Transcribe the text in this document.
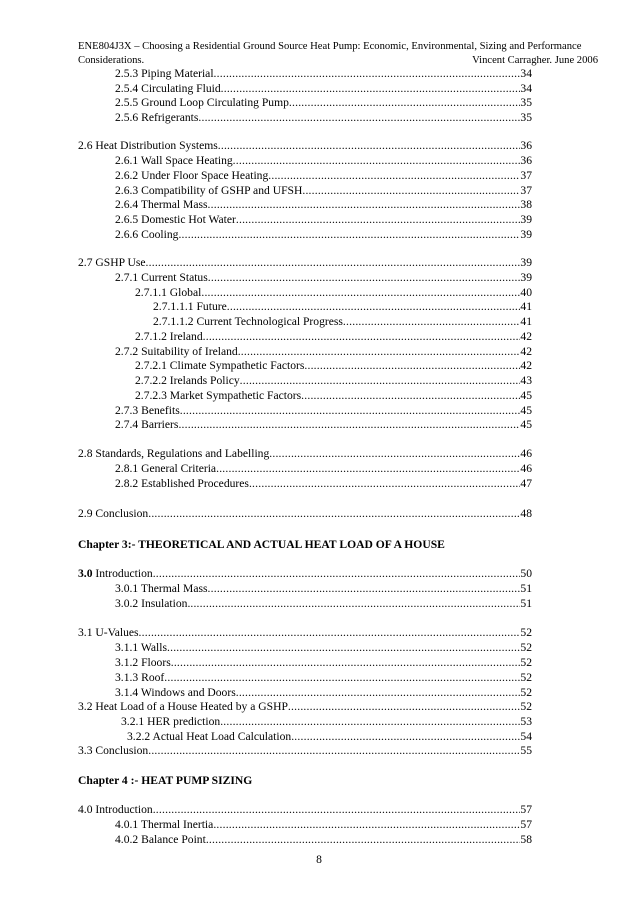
ENE804J3X – Choosing a Residential Ground Source Heat Pump: Economic, Environmental, Sizing and Performance
Considerations.	Vincent Carragher. June 2006
2.5.3 Piping Material .....	34
2.5.4 Circulating Fluid .....	34
2.5.5 Ground Loop Circulating Pump .....	35
2.5.6 Refrigerants .....	35
2.6 Heat Distribution Systems .....	36
2.6.1 Wall Space Heating .....	36
2.6.2 Under Floor Space Heating .....	37
2.6.3 Compatibility of GSHP and UFSH .....	37
2.6.4 Thermal Mass .....	38
2.6.5 Domestic Hot Water .....	39
2.6.6 Cooling .....	39
2.7 GSHP Use .....	39
2.7.1 Current Status .....	39
2.7.1.1 Global .....	40
2.7.1.1.1 Future .....	41
2.7.1.1.2 Current Technological Progress .....	41
2.7.1.2 Ireland .....	42
2.7.2 Suitability of Ireland .....	42
2.7.2.1 Climate Sympathetic Factors .....	42
2.7.2.2 Irelands Policy .....	43
2.7.2.3 Market Sympathetic Factors .....	45
2.7.3 Benefits .....	45
2.7.4 Barriers .....	45
2.8 Standards, Regulations and Labelling .....	46
2.8.1 General Criteria .....	46
2.8.2 Established Procedures .....	47
2.9 Conclusion .....	48
3.0 Introduction .....	50
3.0.1 Thermal Mass .....	51
3.0.2 Insulation. .....	51
3.1 U-Values .....	52
3.1.1 Walls .....	52
3.1.2 Floors .....	52
3.1.3 Roof .....	52
3.1.4 Windows and Doors .....	52
3.2 Heat Load of a House Heated by a GSHP .....	52
3.2.1 HER prediction .....	53
3.2.2 Actual Heat Load Calculation .....	54
3.3 Conclusion .....	55
4.0 Introduction .....	57
4.0.1 Thermal Inertia .....	57
4.0.2 Balance Point .....	58
Chapter 3:- THEORETICAL AND ACTUAL HEAT LOAD OF A HOUSE
Chapter 4 :- HEAT PUMP SIZING
8
